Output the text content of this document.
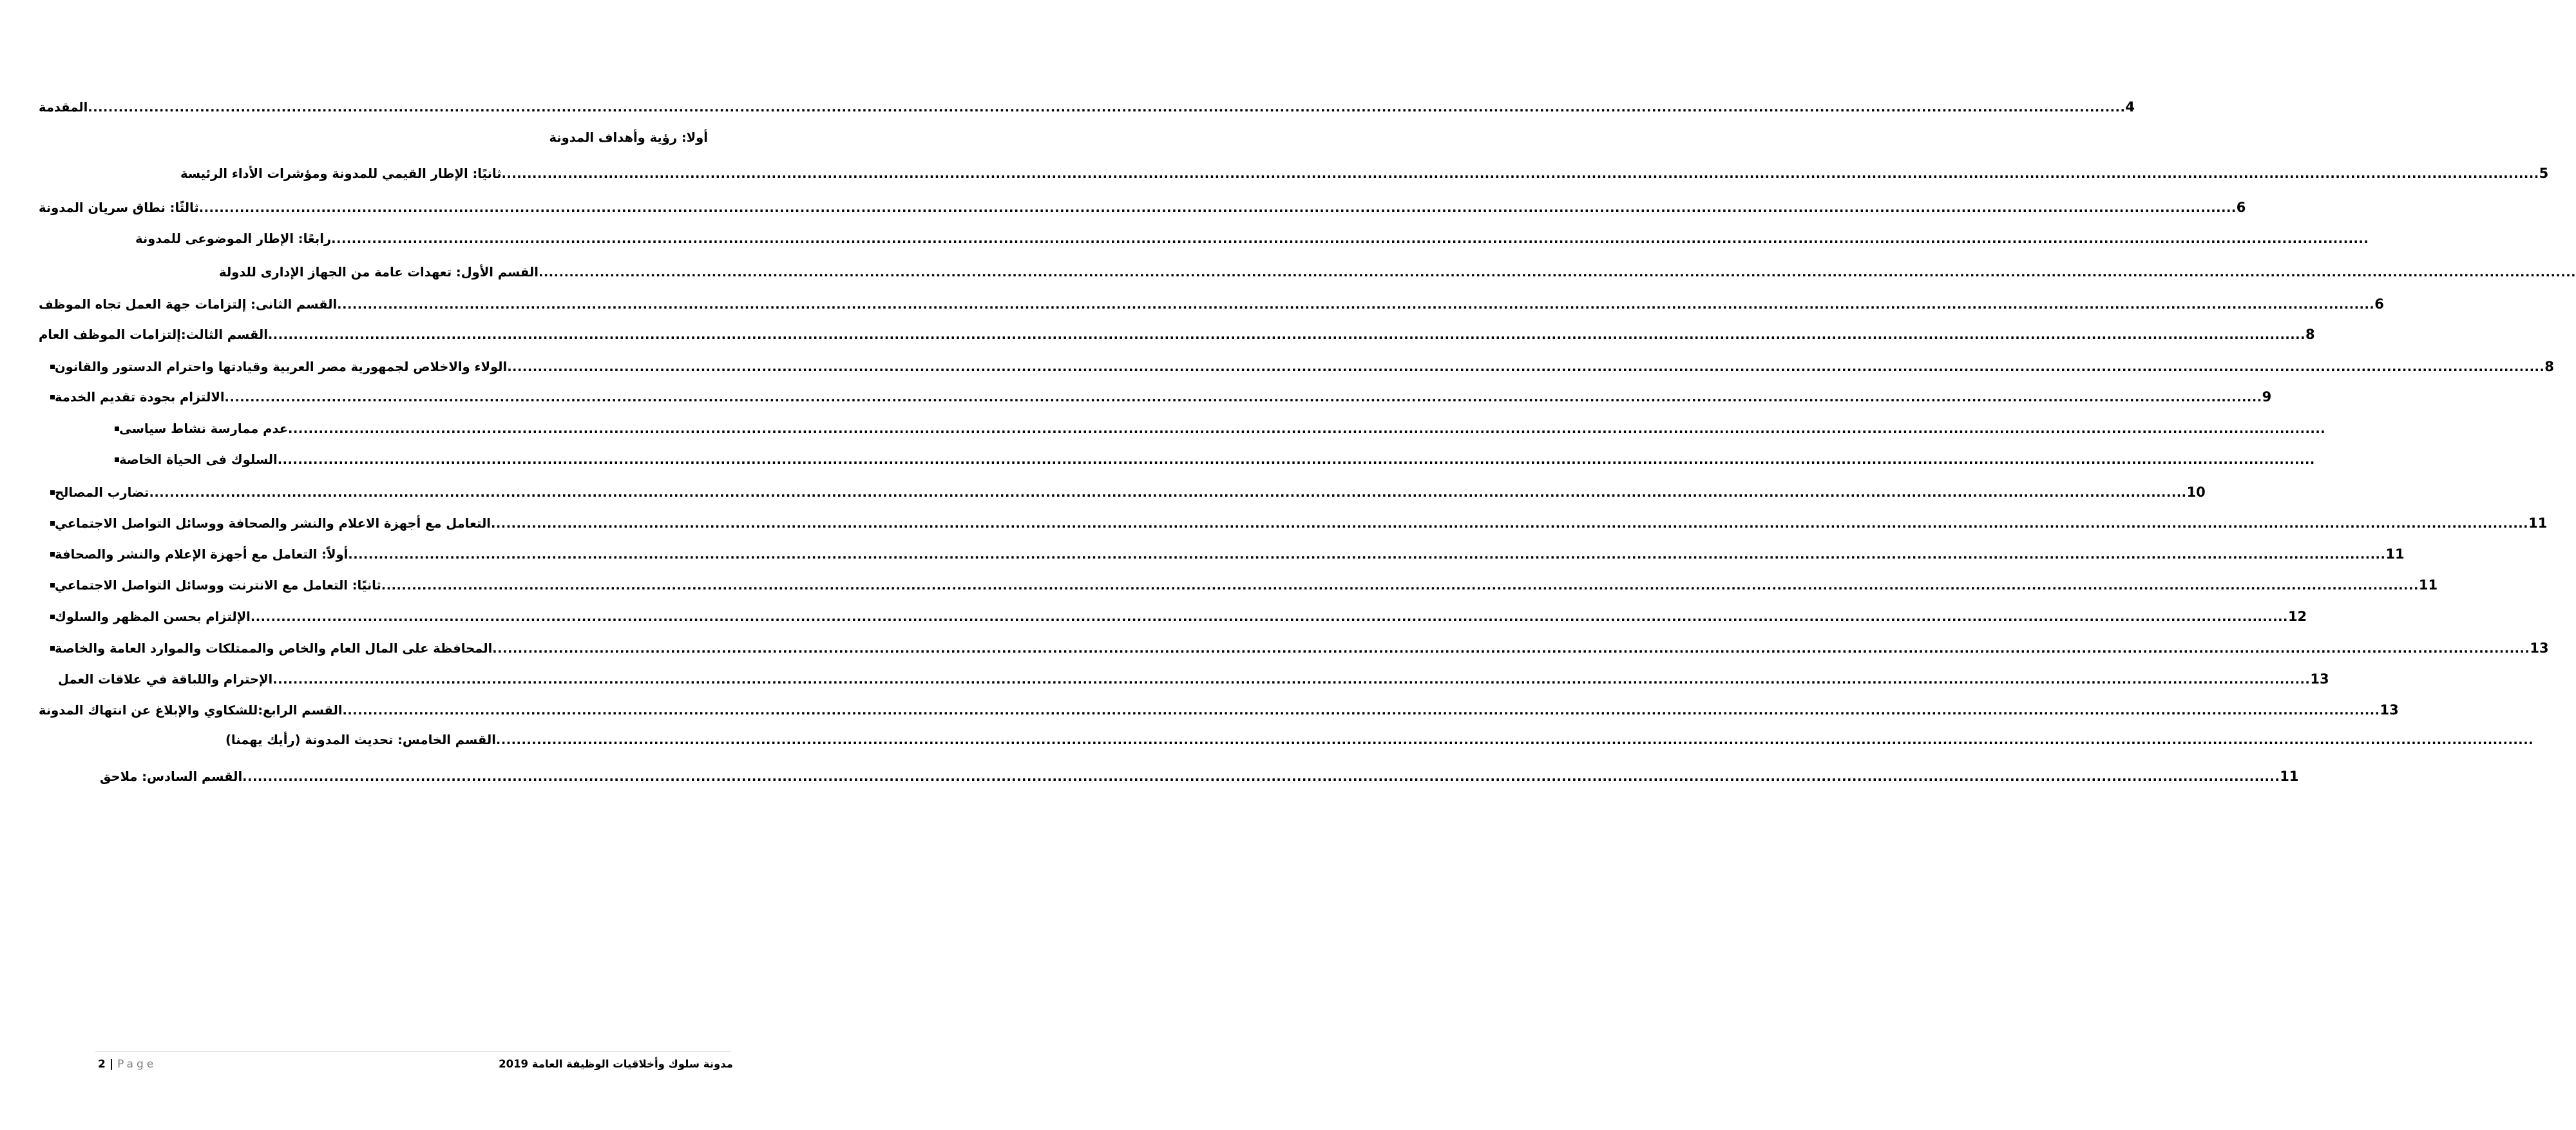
المقدمة ................................................................................................................................................................................................................................................................................................................................................................................................................ 4
أولا: رؤية وأهداف المدونة
ثانيًا: الإطار القيمي للمدونة ومؤشرات الأداء الرئيسة ................................................................................................................................................................................................................................................................................................................................................................................................................ 5
ثالثًا: نطاق سريان المدونة ................................................................................................................................................................................................................................................................................................................................................................................................................ 6
رابعًا: الإطار الموضوعى للمدونة ................................................................................................................................................................................................................................................................................................................................................................................................................
القسم الأول: تعهدات عامة من الجهاز الإدارى للدولة ................................................................................................................................................................................................................................................................................................................................................................................................................
القسم الثانى: إلتزامات جهة العمل تجاه الموظف ................................................................................................................................................................................................................................................................................................................................................................................................................ 6
القسم الثالث:إلتزامات الموظف العام ................................................................................................................................................................................................................................................................................................................................................................................................................ 8
الولاء والاخلاص لجمهورية مصر العربية وقيادتها واحترام الدستور والقانون ................................................................................................................................................................................................................................................................................................................................................................................................................ 8
الالتزام بجودة تقديم الخدمة ................................................................................................................................................................................................................................................................................................................................................................................................................ 9
عدم ممارسة نشاط سياسى ................................................................................................................................................................................................................................................................................................................................................................................................................
السلوك فى الحياة الخاصة ................................................................................................................................................................................................................................................................................................................................................................................................................
تضارب المصالح ................................................................................................................................................................................................................................................................................................................................................................................................................ 10
التعامل مع أجهزة الاعلام والنشر والصحافة ووسائل التواصل الاجتماعي ................................................................................................................................................................................................................................................................................................................................................................................................................ 11
أولاً: التعامل مع أجهزة الإعلام والنشر والصحافة ................................................................................................................................................................................................................................................................................................................................................................................................................ 11
ثانيًا: التعامل مع الانترنت ووسائل التواصل الاجتماعي ................................................................................................................................................................................................................................................................................................................................................................................................................ 11
الإلتزام بحسن المظهر والسلوك ................................................................................................................................................................................................................................................................................................................................................................................................................ 12
المحافظة على المال العام والخاص والممتلكات والموارد العامة والخاصة ................................................................................................................................................................................................................................................................................................................................................................................................................ 13
الإحترام واللباقة في علاقات العمل ................................................................................................................................................................................................................................................................................................................................................................................................................ 13
القسم الرابع:للشكاوي والإبلاغ عن انتهاك المدونة ................................................................................................................................................................................................................................................................................................................................................................................................................ 13
القسم الخامس: تحديث المدونة (رأيك يهمنا) ................................................................................................................................................................................................................................................................................................................................................................................................................
القسم السادس: ملاحق ................................................................................................................................................................................................................................................................................................................................................................................................................ 11
2 | Page	مدونة سلوك وأخلاقيات الوظيفة العامة 2019
